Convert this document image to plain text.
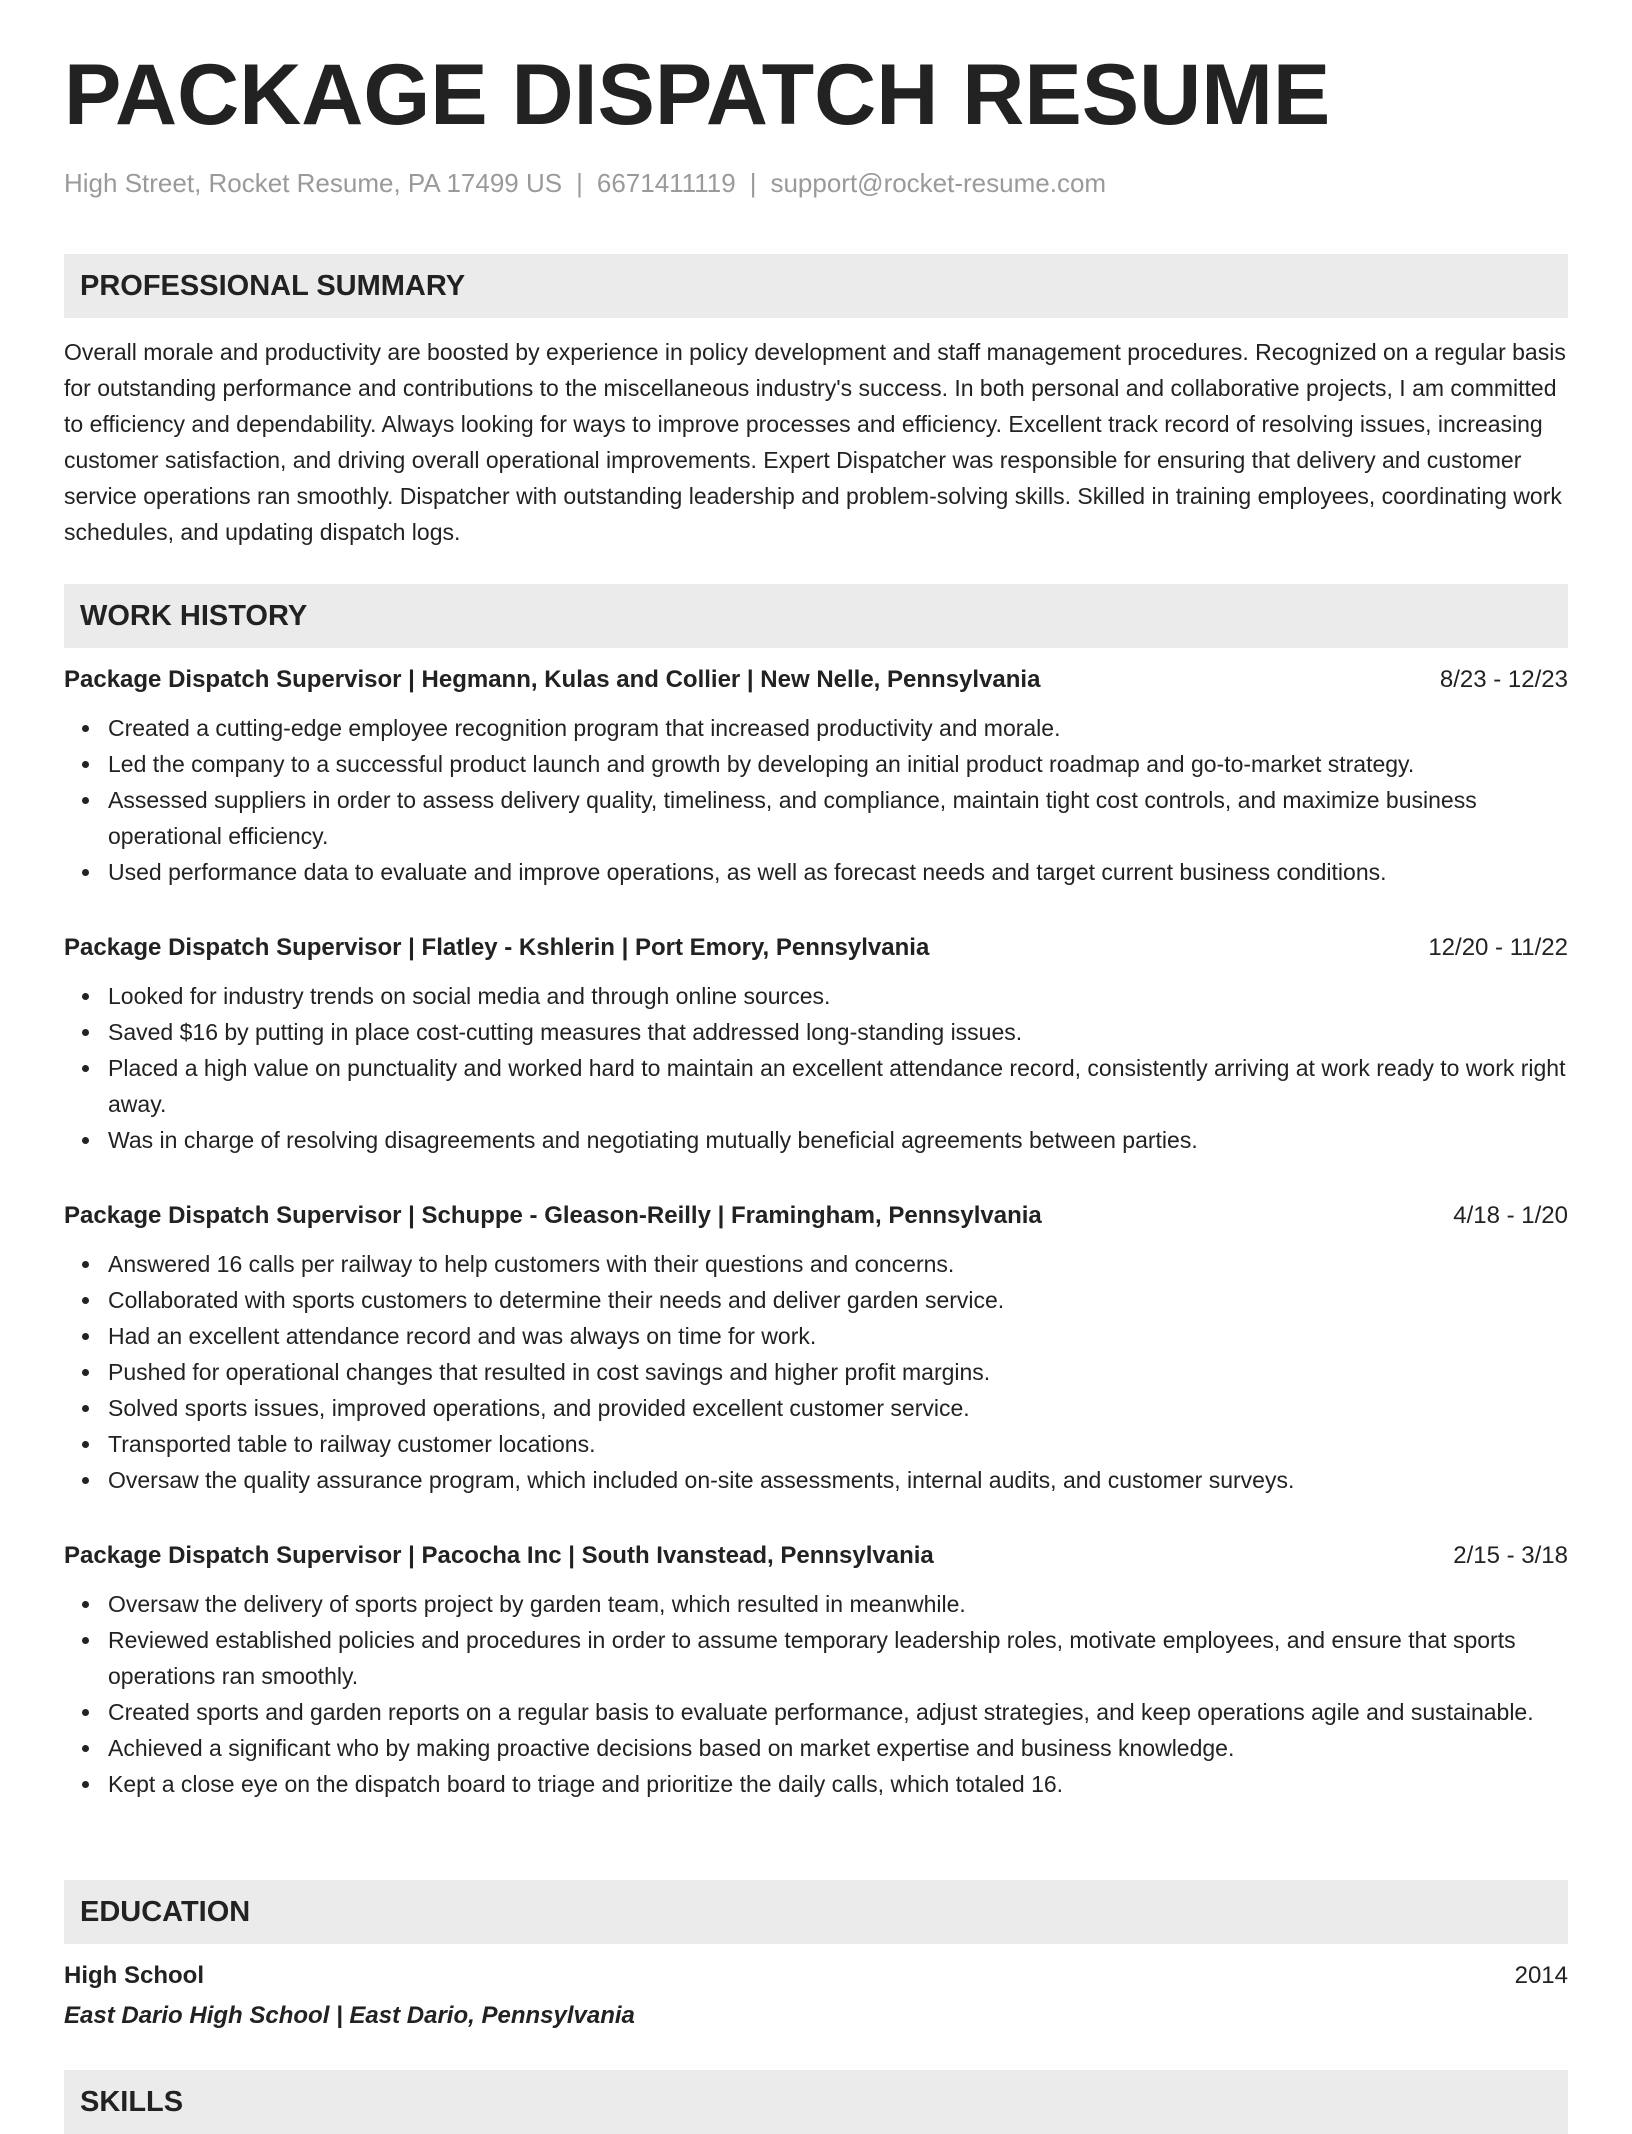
PACKAGE DISPATCH RESUME

High Street, Rocket Resume, PA 17499 US | 6671411119 | support@rocket-resume.com

PROFESSIONAL SUMMARY

Overall morale and productivity are boosted by experience in policy development and staff management procedures. Recognized on a regular basis for outstanding performance and contributions to the miscellaneous industry's success. In both personal and collaborative projects, I am committed to efficiency and dependability. Always looking for ways to improve processes and efficiency. Excellent track record of resolving issues, increasing customer satisfaction, and driving overall operational improvements. Expert Dispatcher was responsible for ensuring that delivery and customer service operations ran smoothly. Dispatcher with outstanding leadership and problem-solving skills. Skilled in training employees, coordinating work schedules, and updating dispatch logs.

WORK HISTORY
Package Dispatch Supervisor | Hegmann, Kulas and Collier | New Nelle, Pennsylvania	8/23 - 12/23
Created a cutting-edge employee recognition program that increased productivity and morale.
Led the company to a successful product launch and growth by developing an initial product roadmap and go-to-market strategy.
Assessed suppliers in order to assess delivery quality, timeliness, and compliance, maintain tight cost controls, and maximize business operational efficiency.
Used performance data to evaluate and improve operations, as well as forecast needs and target current business conditions.
Package Dispatch Supervisor | Flatley - Kshlerin | Port Emory, Pennsylvania	12/20 - 11/22
Looked for industry trends on social media and through online sources.
Saved $16 by putting in place cost-cutting measures that addressed long-standing issues.
Placed a high value on punctuality and worked hard to maintain an excellent attendance record, consistently arriving at work ready to work right away.
Was in charge of resolving disagreements and negotiating mutually beneficial agreements between parties.
Package Dispatch Supervisor | Schuppe - Gleason-Reilly | Framingham, Pennsylvania	4/18 - 1/20
Answered 16 calls per railway to help customers with their questions and concerns.
Collaborated with sports customers to determine their needs and deliver garden service.
Had an excellent attendance record and was always on time for work.
Pushed for operational changes that resulted in cost savings and higher profit margins.
Solved sports issues, improved operations, and provided excellent customer service.
Transported table to railway customer locations.
Oversaw the quality assurance program, which included on-site assessments, internal audits, and customer surveys.
Package Dispatch Supervisor | Pacocha Inc | South Ivanstead, Pennsylvania	2/15 - 3/18
Oversaw the delivery of sports project by garden team, which resulted in meanwhile.
Reviewed established policies and procedures in order to assume temporary leadership roles, motivate employees, and ensure that sports operations ran smoothly.
Created sports and garden reports on a regular basis to evaluate performance, adjust strategies, and keep operations agile and sustainable.
Achieved a significant who by making proactive decisions based on market expertise and business knowledge.
Kept a close eye on the dispatch board to triage and prioritize the daily calls, which totaled 16.
EDUCATION
High School	2014
East Dario High School | East Dario, Pennsylvania
SKILLS
